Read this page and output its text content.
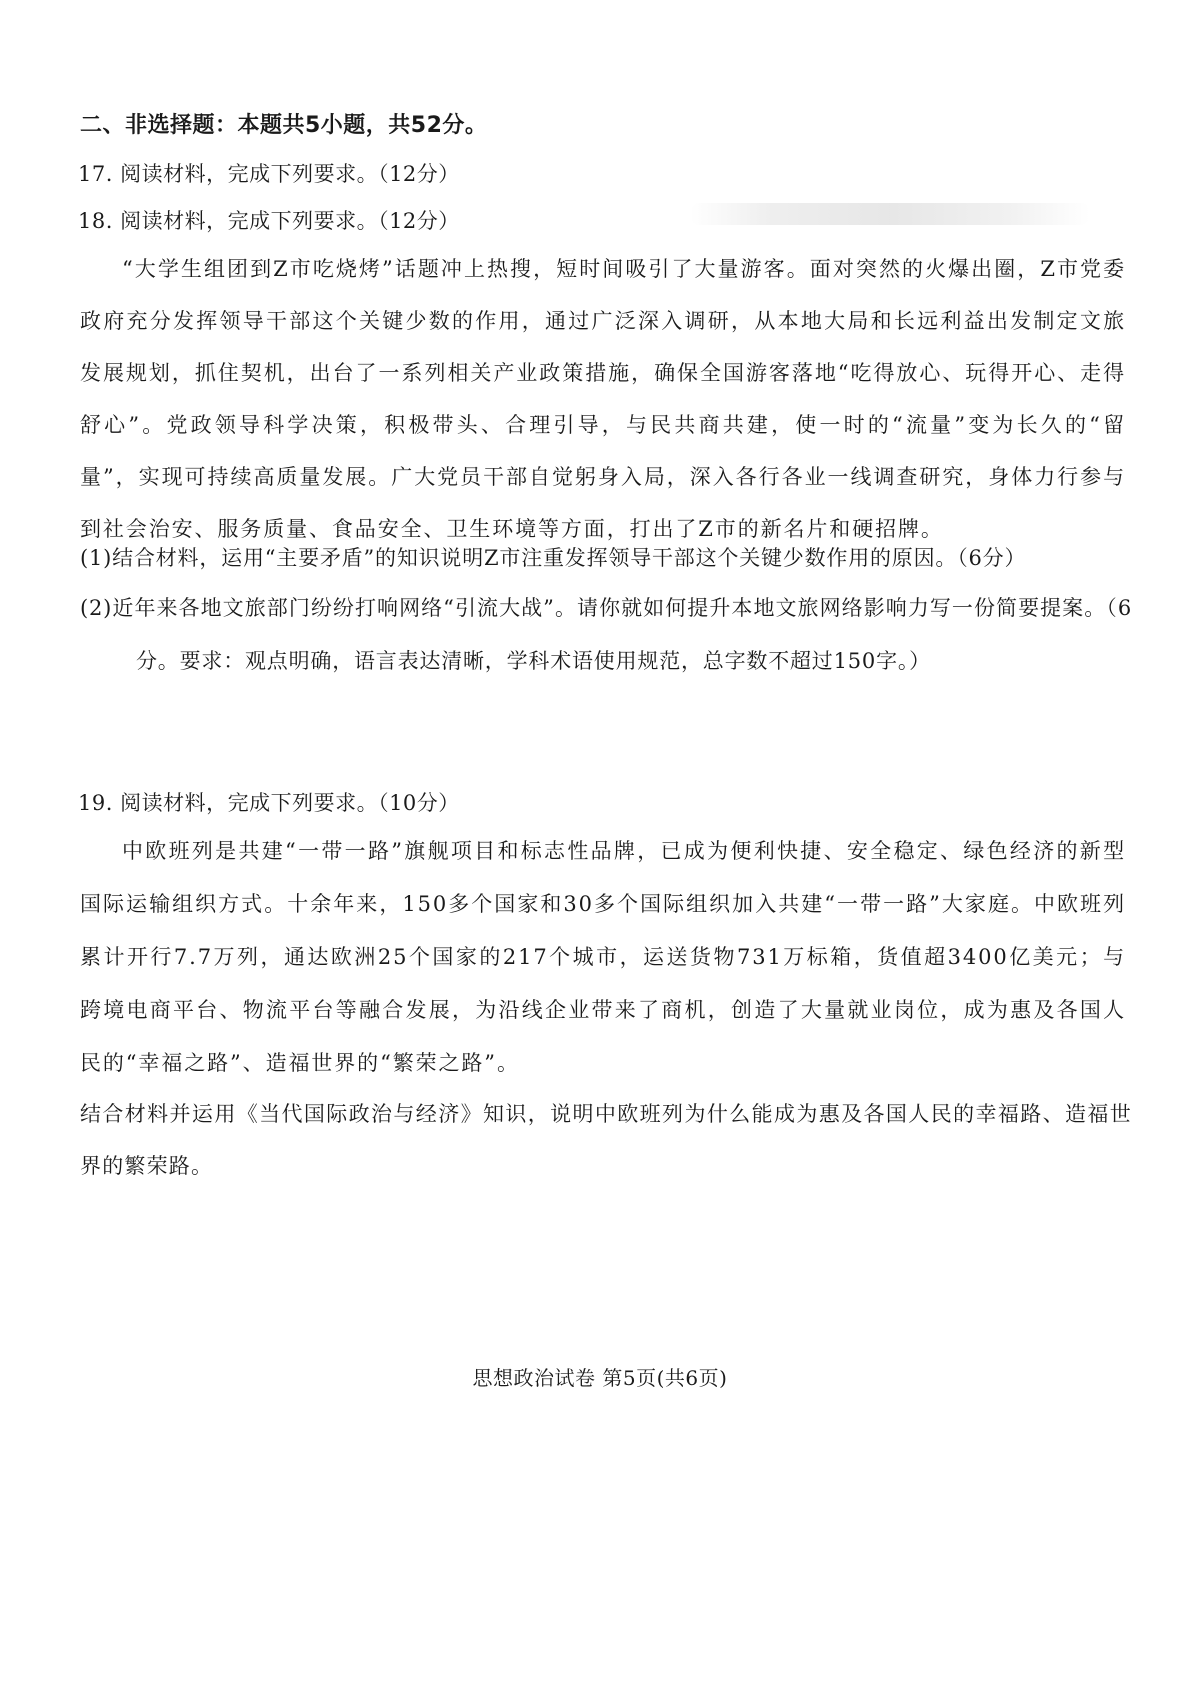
二、非选择题：本题共5小题，共52分。
17. 阅读材料，完成下列要求。（12分）
18. 阅读材料，完成下列要求。（12分）
“大学生组团到Z市吃烧烤”话题冲上热搜，短时间吸引了大量游客。面对突然的火爆出圈，Z市党委政府充分发挥领导干部这个关键少数的作用，通过广泛深入调研，从本地大局和长远利益出发制定文旅发展规划，抓住契机，出台了一系列相关产业政策措施，确保全国游客落地“吃得放心、玩得开心、走得舒心”。党政领导科学决策，积极带头、合理引导，与民共商共建，使一时的“流量”变为长久的“留量”，实现可持续高质量发展。广大党员干部自觉躬身入局，深入各行各业一线调查研究，身体力行参与到社会治安、服务质量、食品安全、卫生环境等方面，打出了Z市的新名片和硬招牌。
(1)结合材料，运用“主要矛盾”的知识说明Z市注重发挥领导干部这个关键少数作用的原因。（6分）
(2)近年来各地文旅部门纷纷打响网络“引流大战”。请你就如何提升本地文旅网络影响力写一份简要提案。（6分。要求：观点明确，语言表达清晰，学科术语使用规范，总字数不超过150字。）
19. 阅读材料，完成下列要求。（10分）
中欧班列是共建“一带一路”旗舰项目和标志性品牌，已成为便利快捷、安全稳定、绿色经济的新型国际运输组织方式。十余年来，150多个国家和30多个国际组织加入共建“一带一路”大家庭。中欧班列累计开行7.7万列，通达欧洲25个国家的217个城市，运送货物731万标箱，货值超3400亿美元；与跨境电商平台、物流平台等融合发展，为沿线企业带来了商机，创造了大量就业岗位，成为惠及各国人民的“幸福之路”、造福世界的“繁荣之路”。
结合材料并运用《当代国际政治与经济》知识，说明中欧班列为什么能成为惠及各国人民的幸福路、造福世界的繁荣路。
思想政治试卷 第5页(共6页)
